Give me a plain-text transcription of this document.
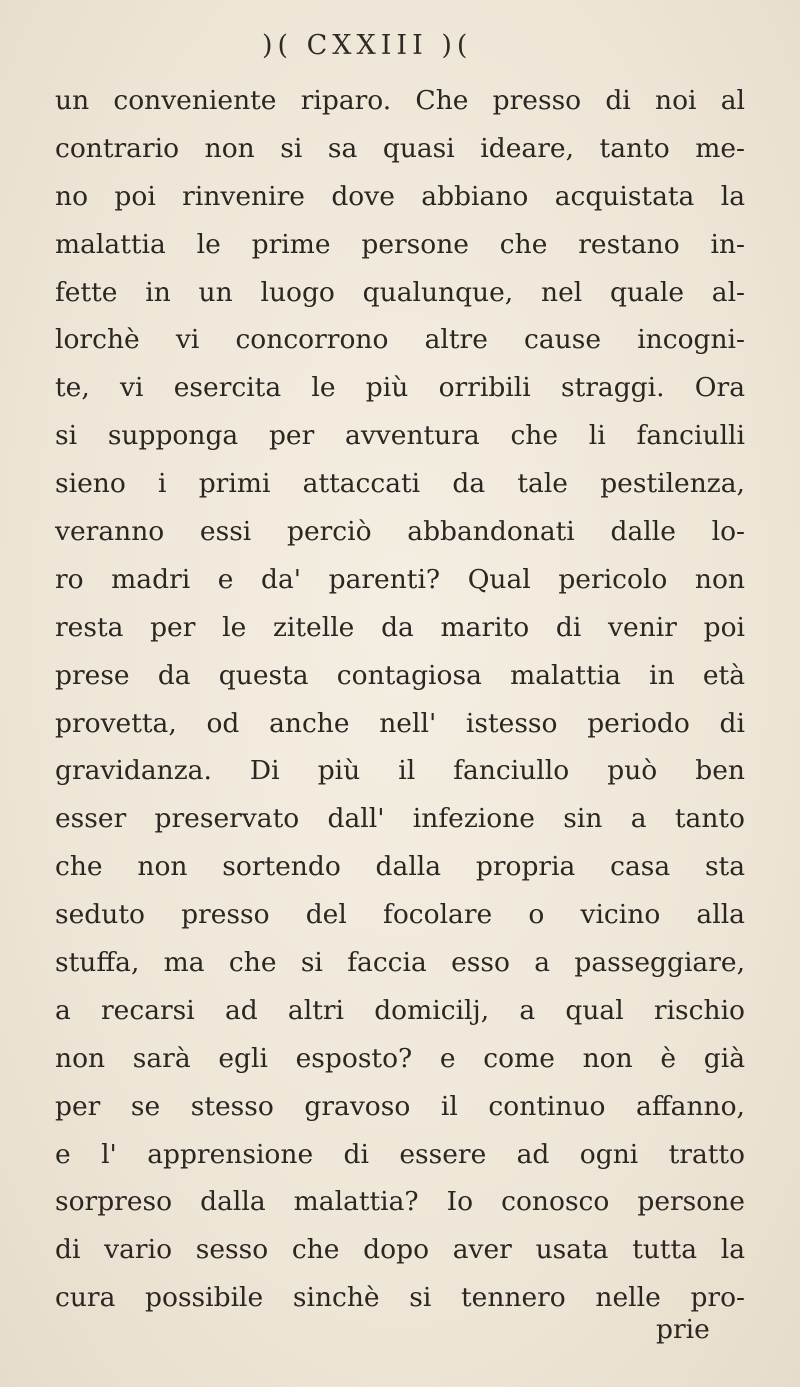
)( CXXIII )(
un conveniente riparo. Che presso di noi al
contrario non si sa quasi ideare, tanto me-
no poi rinvenire dove abbiano acquistata la
malattia le prime persone che restano in-
fette in un luogo qualunque, nel quale al-
lorchè vi concorrono altre cause incogni-
te, vi esercita le più orribili straggi. Ora
si supponga per avventura che li fanciulli
sieno i primi attaccati da tale pestilenza,
veranno essi perciò abbandonati dalle lo-
ro madri e da' parenti? Qual pericolo non
resta per le zitelle da marito di venir poi
prese da questa contagiosa malattia in età
provetta, od anche nell' istesso periodo di
gravidanza. Di più il fanciullo può ben
esser preservato dall' infezione sin a tanto
che non sortendo dalla propria casa sta
seduto presso del focolare o vicino alla
stuffa, ma che si faccia esso a passeggiare,
a recarsi ad altri domicilj, a qual rischio
non sarà egli esposto? e come non è già
per se stesso gravoso il continuo affanno,
e l' apprensione di essere ad ogni tratto
sorpreso dalla malattia? Io conosco persone
di vario sesso che dopo aver usata tutta la
cura possibile sinchè si tennero nelle pro-
prie
